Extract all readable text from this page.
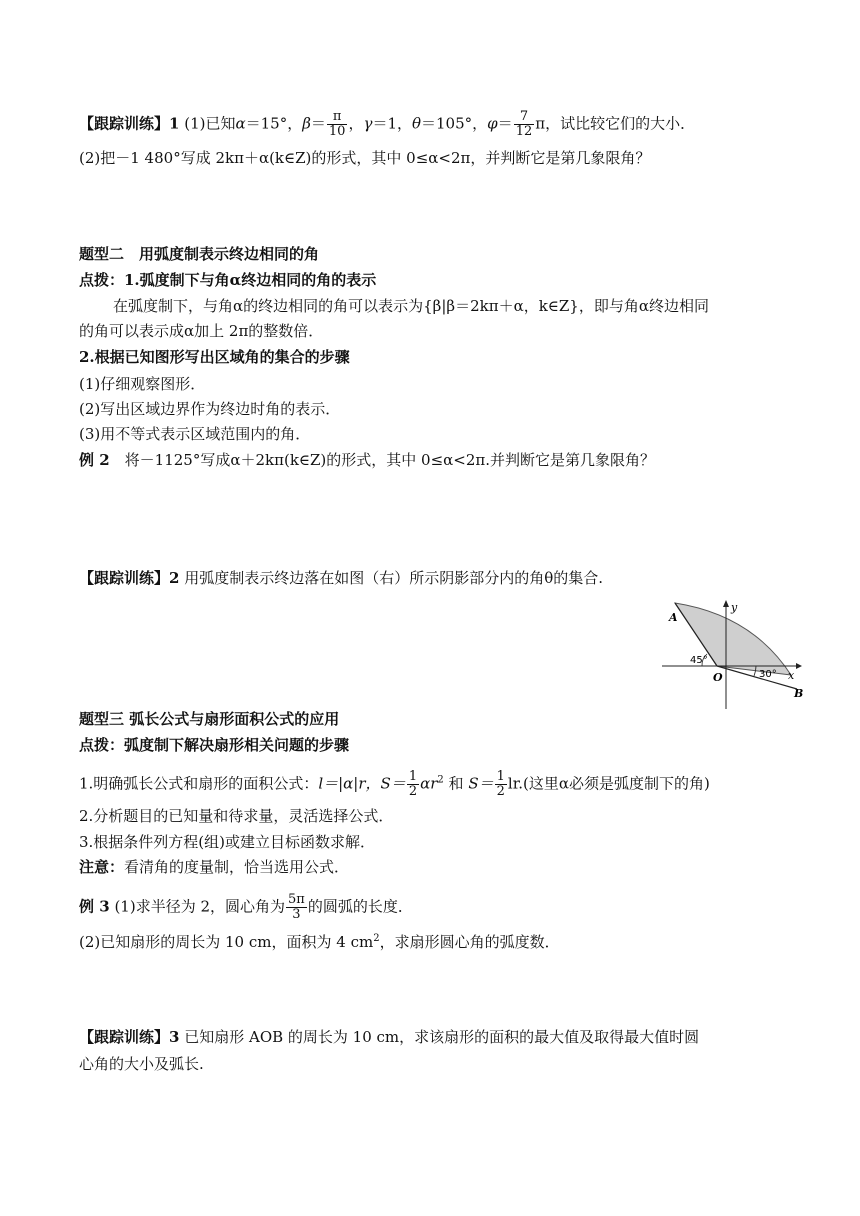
【跟踪训练】1 (1)已知α＝15°，$\beta= \frac{\pi}{10}$ ，γ＝1，θ＝105°，$\varphi= \frac{7}{12}$ π，试比较它们的大小．
(2)把－1 480°写成 2kπ＋α(k∈Z)的形式，其中 0≤α<2π，并判断它是第几象限角？
题型二　用弧度制表示终边相同的角
点拨：1.弧度制下与角α终边相同的角的表示
在弧度制下，与角α的终边相同的角可以表示为{β|β＝2kπ＋α，k∈Z}，即与角α终边相同
的角可以表示成α加上 2π的整数倍．
2.根据已知图形写出区域角的集合的步骤
(1)仔细观察图形．
(2)写出区域边界作为终边时角的表示．
(3)用不等式表示区域范围内的角．
例 2　将－1125°写成α＋2kπ(k∈Z)的形式，其中 0≤α<2π.并判断它是第几象限角？
【跟踪训练】2 用弧度制表示终边落在如图（右）所示阴影部分内的角θ的集合.
y
x
O
A
B
45°
30°
题型三 弧长公式与扇形面积公式的应用
点拨：弧度制下解决扇形相关问题的步骤
1.明确弧长公式和扇形的面积公式：l＝|α|r，$S= \frac{1}{2} \alpha r^2$ 和 $S= \frac{1}{2} lr$.(这里α必须是弧度制下的角)
2.分析题目的已知量和待求量，灵活选择公式．
3.根据条件列方程(组)或建立目标函数求解．
注意：看清角的度量制，恰当选用公式．
例 3 (1)求半径为 2，圆心角为 $\frac{5\pi}{3}$ 的圆弧的长度．
(2)已知扇形的周长为 10 cm，面积为 4 $cm^2$，求扇形圆心角的弧度数．
【跟踪训练】3 已知扇形 AOB 的周长为 10 cm，求该扇形的面积的最大值及取得最大值时圆
心角的大小及弧长.
